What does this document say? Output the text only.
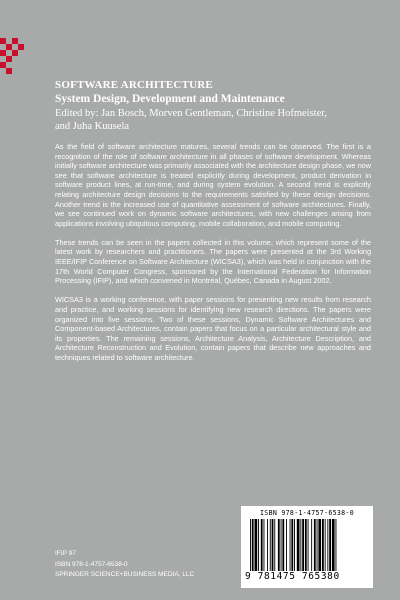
SOFTWARE ARCHITECTURE
System Design, Development and Maintenance
Edited by: Jan Bosch, Morven Gentleman, Christine Hofmeister,
and Juha Kuusela

As the field of software architecture matures, several trends can be observed. The first is a recognition of the role of software architecture in all phases of software development. Whereas initially software architecture was primarily associated with the architecture design phase, we now see that software architecture is treated explicitly during development, product derivation in software product lines, at run-time, and during system evolution. A second trend is explicitly relating architecture design decisions to the requirements satisfied by these design decisions. Another trend is the increased use of quantitative assessment of software architectures. Finally, we see continued work on dynamic software architectures, with new challenges arising from applications involving ubiquitous computing, mobile collaboration, and mobile computing.

These trends can be seen in the papers collected in this volume, which represent some of the latest work by researchers and practitioners. The papers were presented at the 3rd Working IEEE/IFIP Conference on Software Architecture (WICSA3), which was held in conjunction with the 17th World Computer Congress, sponsored by the International Federation for Information Processing (IFIP), and which convened in Montréal, Québec, Canada in August 2002.

WICSA3 is a working conference, with paper sessions for presenting new results from research and practice, and working sessions for identifying new research directions. The papers were organized into five sessions. Two of these sessions, Dynamic Software Architectures and Component-based Architectures, contain papers that focus on a particular architectural style and its properties. The remaining sessions, Architecture Analysis, Architecture Description, and Architecture Reconstruction and Evolution, contain papers that describe new approaches and techniques related to software architecture.

ISBN 978-1-4757-6538-0
9 781475 765380
IFIP 97
ISBN 978-1-4757-6538-0
SPRINGER SCIENCE+BUSINESS MEDIA, LLC
